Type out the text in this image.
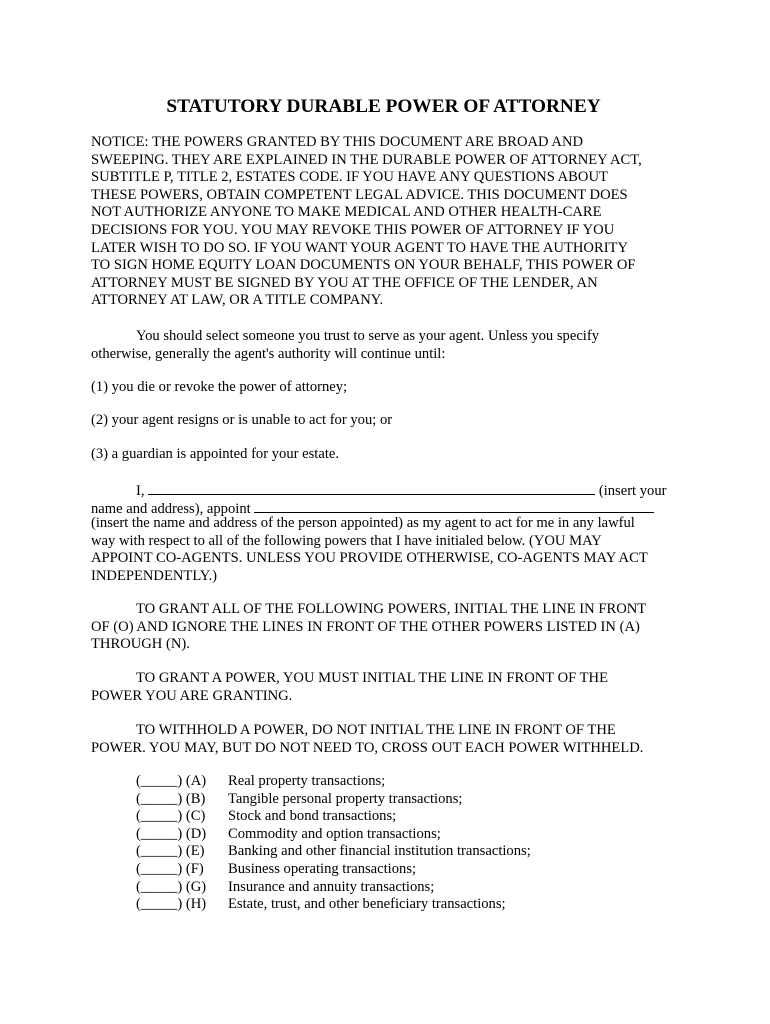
STATUTORY DURABLE POWER OF ATTORNEY
NOTICE: THE POWERS GRANTED BY THIS DOCUMENT ARE BROAD AND
SWEEPING. THEY ARE EXPLAINED IN THE DURABLE POWER OF ATTORNEY ACT,
SUBTITLE P, TITLE 2, ESTATES CODE. IF YOU HAVE ANY QUESTIONS ABOUT
THESE POWERS, OBTAIN COMPETENT LEGAL ADVICE. THIS DOCUMENT DOES
NOT AUTHORIZE ANYONE TO MAKE MEDICAL AND OTHER HEALTH-CARE
DECISIONS FOR YOU. YOU MAY REVOKE THIS POWER OF ATTORNEY IF YOU
LATER WISH TO DO SO. IF YOU WANT YOUR AGENT TO HAVE THE AUTHORITY
TO SIGN HOME EQUITY LOAN DOCUMENTS ON YOUR BEHALF, THIS POWER OF
ATTORNEY MUST BE SIGNED BY YOU AT THE OFFICE OF THE LENDER, AN
ATTORNEY AT LAW, OR A TITLE COMPANY.
You should select someone you trust to serve as your agent. Unless you specify
otherwise, generally the agent's authority will continue until:
(1) you die or revoke the power of attorney;
(2) your agent resigns or is unable to act for you; or
(3) a guardian is appointed for your estate.
I,	(insert your
name and address), appoint
(insert the name and address of the person appointed) as my agent to act for me in any lawful
way with respect to all of the following powers that I have initialed below. (YOU MAY
APPOINT CO-AGENTS. UNLESS YOU PROVIDE OTHERWISE, CO-AGENTS MAY ACT
INDEPENDENTLY.)
TO GRANT ALL OF THE FOLLOWING POWERS, INITIAL THE LINE IN FRONT
OF (O) AND IGNORE THE LINES IN FRONT OF THE OTHER POWERS LISTED IN (A)
THROUGH (N).
TO GRANT A POWER, YOU MUST INITIAL THE LINE IN FRONT OF THE
POWER YOU ARE GRANTING.
TO WITHHOLD A POWER, DO NOT INITIAL THE LINE IN FRONT OF THE
POWER. YOU MAY, BUT DO NOT NEED TO, CROSS OUT EACH POWER WITHHELD.
(_____) (A) Real property transactions;
(_____) (B) Tangible personal property transactions;
(_____) (C) Stock and bond transactions;
(_____) (D) Commodity and option transactions;
(_____) (E) Banking and other financial institution transactions;
(_____) (F) Business operating transactions;
(_____) (G) Insurance and annuity transactions;
(_____) (H) Estate, trust, and other beneficiary transactions;
